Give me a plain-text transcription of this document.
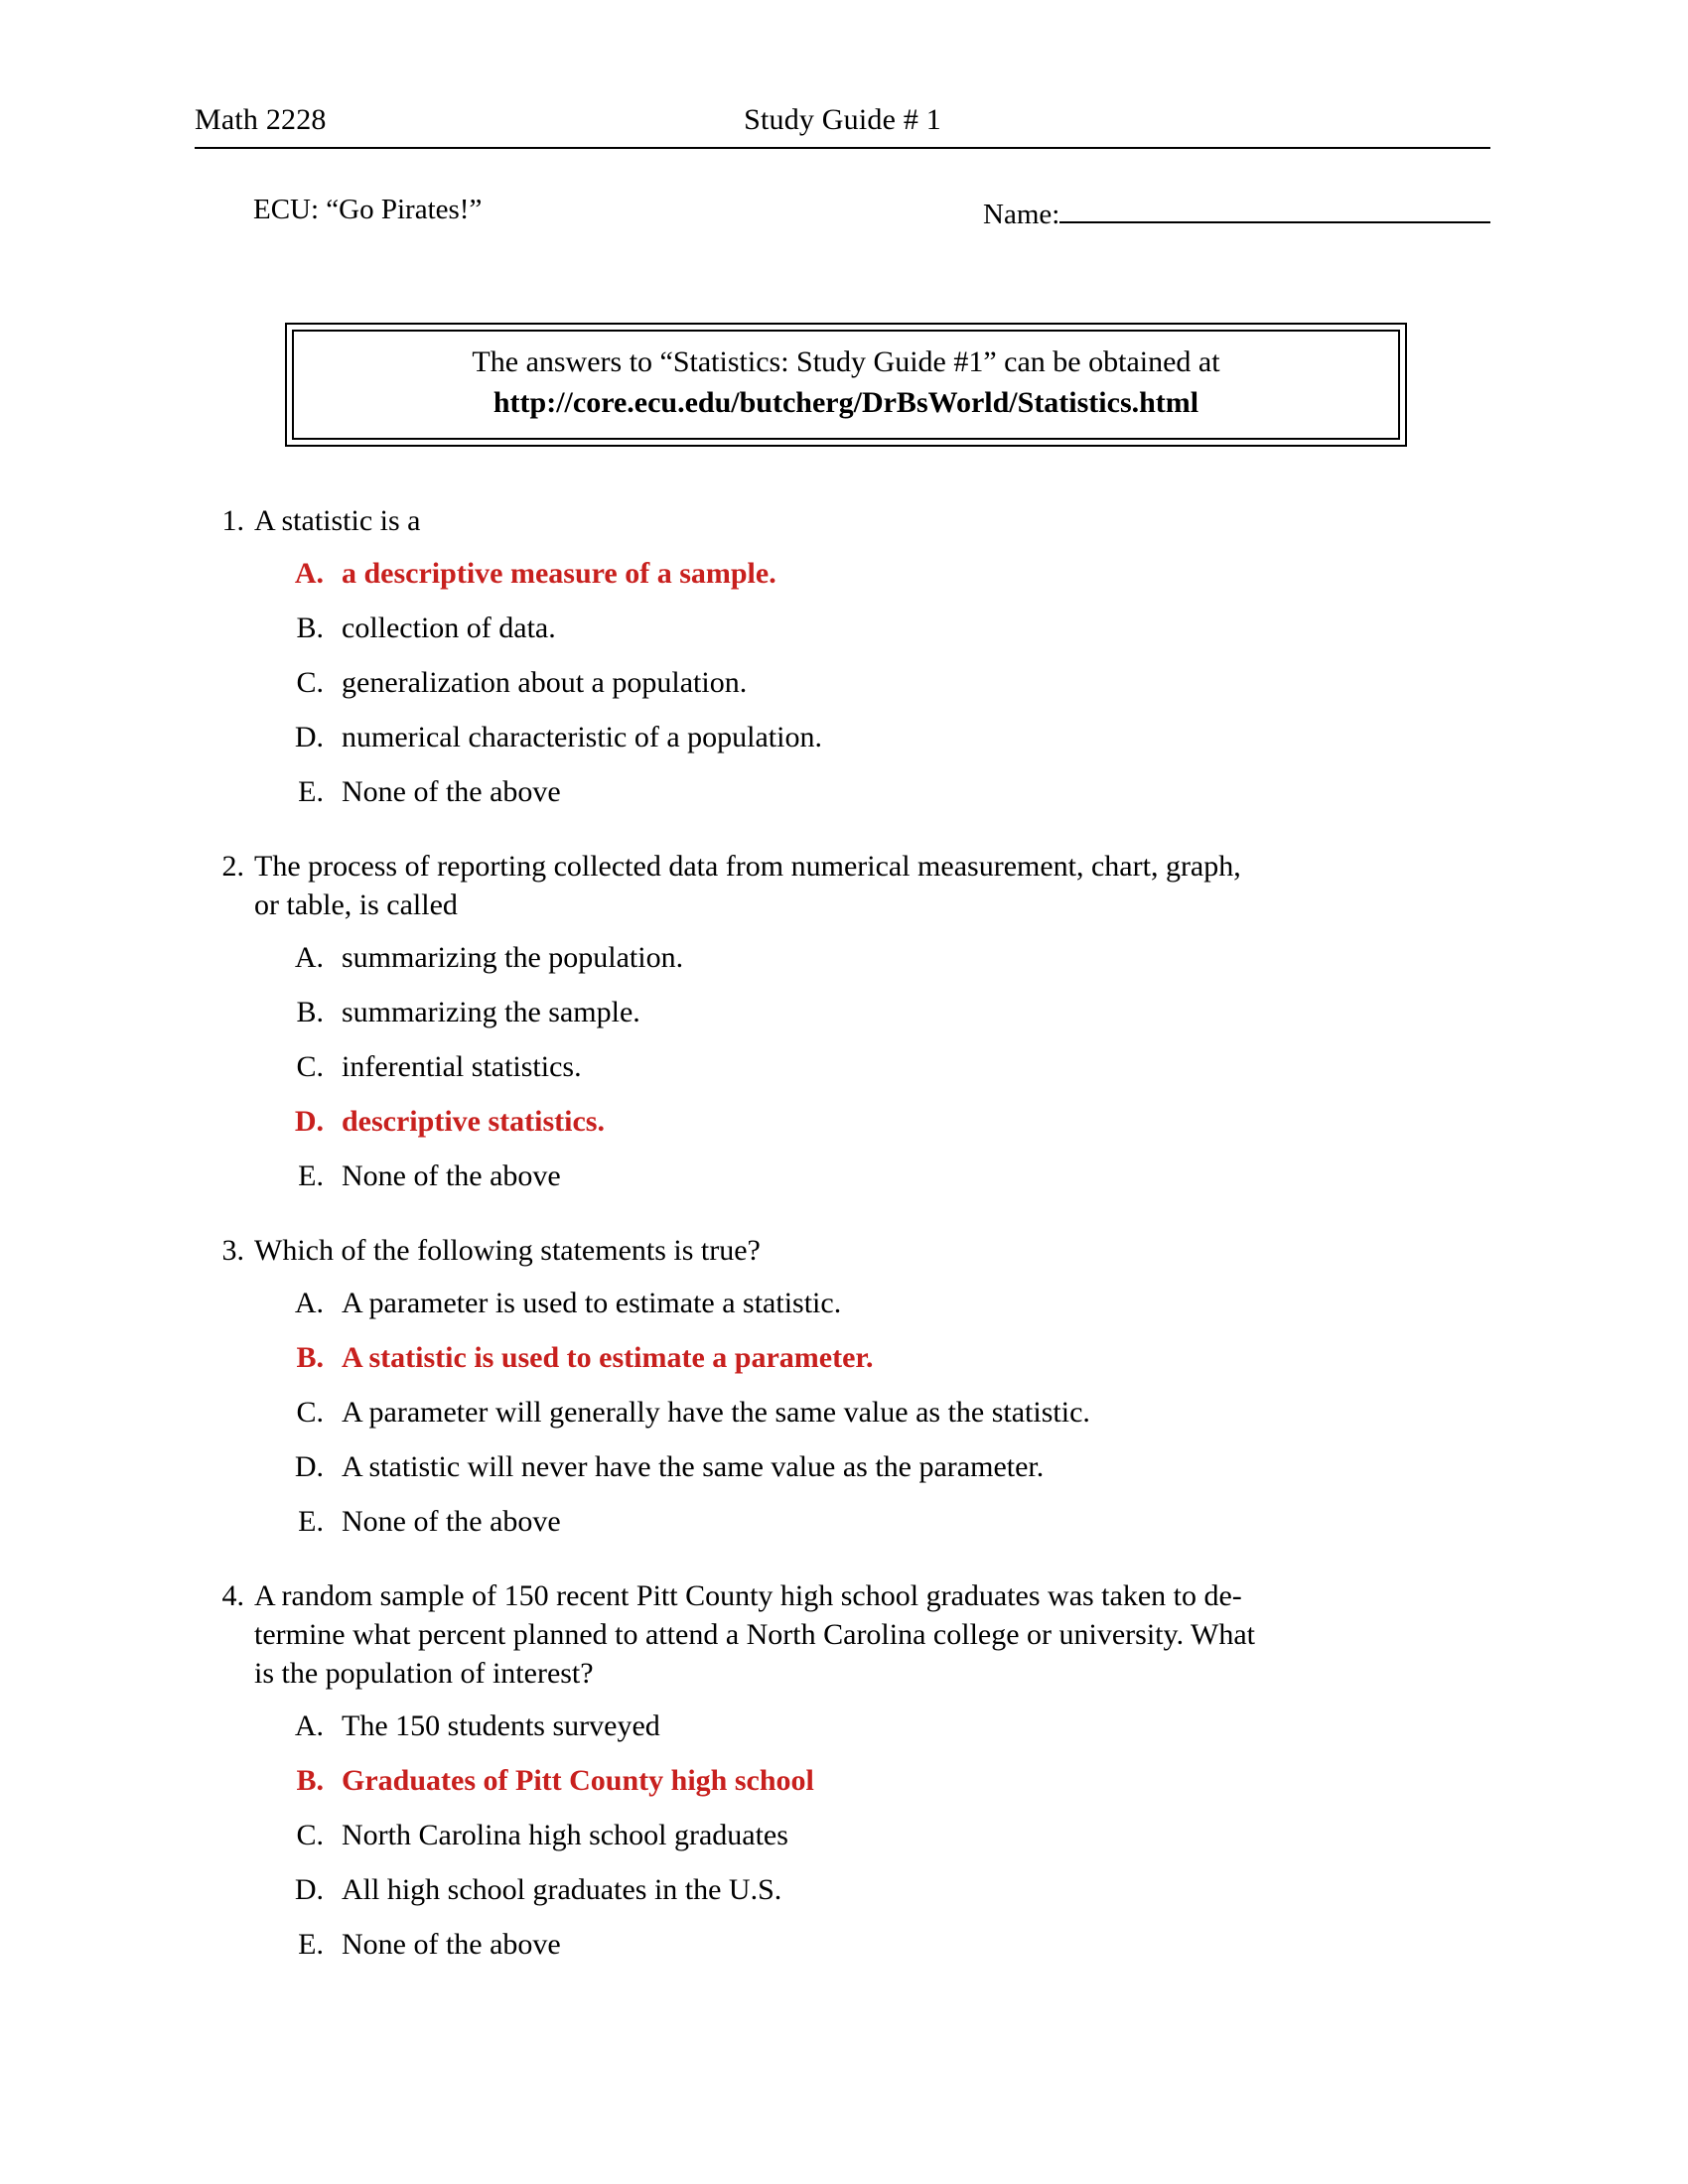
Math 2228	Study Guide # 1
ECU: “Go Pirates!”	Name:
The answers to “Statistics: Study Guide #1” can be obtained at
http://core.ecu.edu/butcherg/DrBsWorld/Statistics.html
1. A statistic is a
A. a descriptive measure of a sample.
B. collection of data.
C. generalization about a population.
D. numerical characteristic of a population.
E. None of the above
2. The process of reporting collected data from numerical measurement, chart, graph,
or table, is called
A. summarizing the population.
B. summarizing the sample.
C. inferential statistics.
D. descriptive statistics.
E. None of the above
3. Which of the following statements is true?
A. A parameter is used to estimate a statistic.
B. A statistic is used to estimate a parameter.
C. A parameter will generally have the same value as the statistic.
D. A statistic will never have the same value as the parameter.
E. None of the above
4. A random sample of 150 recent Pitt County high school graduates was taken to de-
termine what percent planned to attend a North Carolina college or university. What
is the population of interest?
A. The 150 students surveyed
B. Graduates of Pitt County high school
C. North Carolina high school graduates
D. All high school graduates in the U.S.
E. None of the above
